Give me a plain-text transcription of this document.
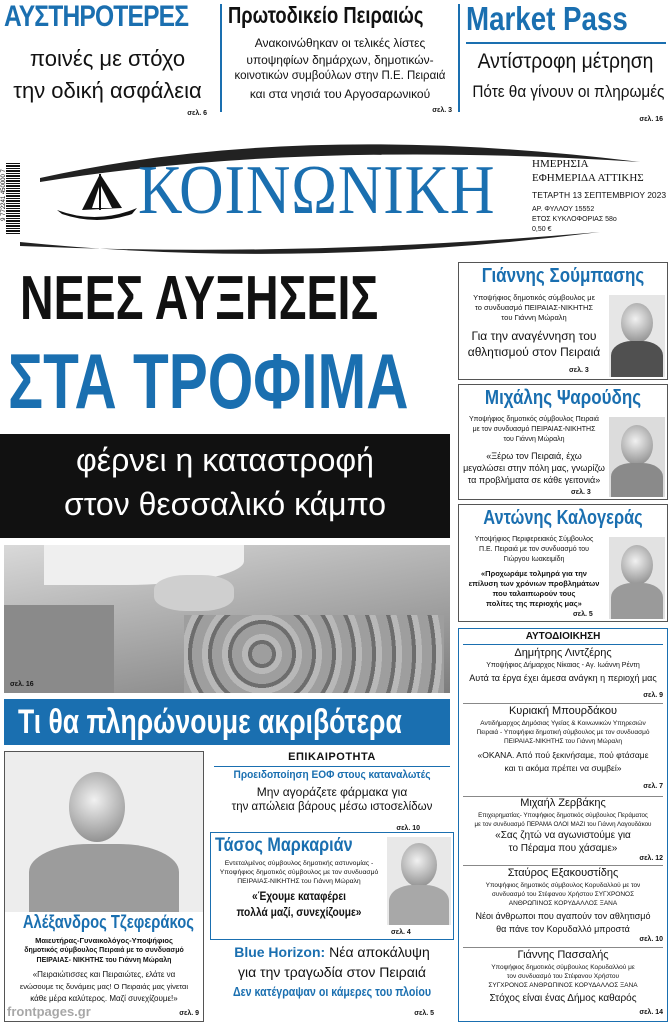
ΑΥΣΤΗΡΟΤΕΡΕΣ
ποινές με στόχο
την οδική ασφάλεια
σελ. 6
Πρωτοδικείο Πειραιώς
Ανακοινώθηκαν οι τελικές λίστες
υποψηφίων δημάρχων, δημοτικών-
κοινοτικών συμβούλων στην Π.Ε. Πειραιά
και στα νησιά του Αργοσαρωνικού
σελ. 3
Market Pass
Αντίστροφη μέτρηση
Πότε θα γίνουν οι πληρωμές
σελ. 16
9 772241 450000 7 ΚΟΙΝΩΝΙΚΗ	ΗΜΕΡΗΣΙΑ
ΕΦΗΜΕΡΙΔΑ ΑΤΤΙΚΗΣ
ΤΕΤΑΡΤΗ 13 ΣΕΠΤΕΜΒΡΙΟΥ 2023
ΑΡ. ΦΥΛΛΟΥ 15552
ΕΤΟΣ ΚΥΚΛΟΦΟΡΙΑΣ 58ο
0,50 €
ΝΕΕΣ ΑΥΞΗΣΕΙΣ
ΣΤΑ ΤΡΟΦΙΜΑ
φέρνει η καταστροφή
στον θεσσαλικό κάμπο
σελ. 16
Τι θα πληρώνουμε ακριβότερα
Γιάννης Σούμπασης
Υποψήφιος δημοτικός σύμβουλος με
το συνδυασμό ΠΕΙΡΑΙΑΣ-ΝΙΚΗΤΗΣ
του Γιάννη Μώραλη
Για την αναγέννηση του
αθλητισμού στον Πειραιά
σελ. 3
Μιχάλης Ψαρούδης
Υποψήφιος δημοτικός σύμβουλος Πειραιά
με τον συνδυασμό ΠΕΙΡΑΙΑΣ-ΝΙΚΗΤΗΣ
του Γιάννη Μώραλη
«Ξέρω τον Πειραιά, έχω
μεγαλώσει στην πόλη μας, γνωρίζω
τα προβλήματα σε κάθε γειτονιά»
σελ. 3
Αντώνης Καλογεράς
Υποψήφιος Περιφερειακός Σύμβουλος
Π.Ε. Πειραιά με τον συνδυασμό του
Γιώργου Ιωακειμίδη
«Προχωράμε τολμηρά για την
επίλυση των χρόνιων προβλημάτων
που ταλαιπωρούν τους
πολίτες της περιοχής μας»
σελ. 5
ΑΥΤΟΔΙΟΙΚΗΣΗ
Δημήτρης Λιντζέρης
Υποψήφιος Δήμαρχος Νίκαιας - Αγ. Ιωάννη Ρέντη
Αυτά τα έργα έχει άμεσα ανάγκη η περιοχή μας
σελ. 9
Κυριακή Μπουρδάκου
Αντιδήμαρχος Δημόσιας Υγείας & Κοινωνικών Υπηρεσιών
Πειραιά - Υποψήφια δημοτική σύμβουλος με τον συνδυασμό
ΠΕΙΡΑΙΑΣ-ΝΙΚΗΤΗΣ του Γιάννη Μώραλη
«ΟΚΑΝΑ. Από πού ξεκινήσαμε, πού φτάσαμε
και τι ακόμα πρέπει να συμβεί»
σελ. 7
Μιχαήλ Ζερβάκης
Επιχειρηματίας- Υποψήφιος δημοτικός σύμβουλος Περάματος
με τον συνδυασμό ΠΕΡΑΜΑ ΟΛΟΙ ΜΑΖΙ του Γιάννη Λαγουδάκου
«Σας ζητώ να αγωνιστούμε για
το Πέραμα που χάσαμε»
σελ. 12
Σταύρος Εξακουστίδης
Υποψήφιος δημοτικός σύμβουλος Κορυδαλλού με τον
συνδυασμό του Στέφανου Χρήστου ΣΥΓΧΡΟΝΟΣ
ΑΝΘΡΩΠΙΝΟΣ ΚΟΡΥΔΑΛΛΟΣ ΞΑΝΑ
Νέοι άνθρωποι που αγαπούν τον αθλητισμό
θα πάνε τον Κορυδαλλό μπροστά
σελ. 10
Γιάννης Πασσαλής
Υποψήφιος δημοτικός σύμβουλος Κορυδαλλού με
τον συνδυασμό του Στέφανου Χρήστου
ΣΥΓΧΡΟΝΟΣ ΑΝΘΡΩΠΙΝΟΣ ΚΟΡΥΔΑΛΛΟΣ ΞΑΝΑ
Στόχος είναι ένας Δήμος καθαρός
σελ. 14
Αλέξανδρος Τζεφεράκος
Μαιευτήρας-Γυναικολόγος-Υποψήφιος
δημοτικός σύμβουλος Πειραιά με το συνδυασμό
ΠΕΙΡΑΙΑΣ- ΝΙΚΗΤΗΣ του Γιάννη Μώραλη
«Πειραιώτισσες και Πειραιώτες, ελάτε να
ενώσουμε τις δυνάμεις μας! Ο Πειραιάς μας γίνεται
κάθε μέρα καλύτερος. Μαζί συνεχίζουμε!»
σελ. 9
frontpages.gr
ΕΠΙΚΑΙΡΟΤΗΤΑ
Προειδοποίηση ΕΟΦ στους καταναλωτές
Μην αγοράζετε φάρμακα για
την απώλεια βάρους μέσω ιστοσελίδων
σελ. 10
Τάσος Μαρκαριάν
Εντεταλμένος σύμβουλος δημοτικής αστυνομίας -
Υποψήφιος δημοτικός σύμβουλος με τον συνδυασμό
ΠΕΙΡΑΙΑΣ-ΝΙΚΗΤΗΣ του Γιάννη Μώραλη
«Έχουμε καταφέρει
πολλά μαζί, συνεχίζουμε»
σελ. 4
Blue Horizon: Νέα αποκάλυψη
για την τραγωδία στον Πειραιά
Δεν κατέγραψαν οι κάμερες του πλοίου
σελ. 5
